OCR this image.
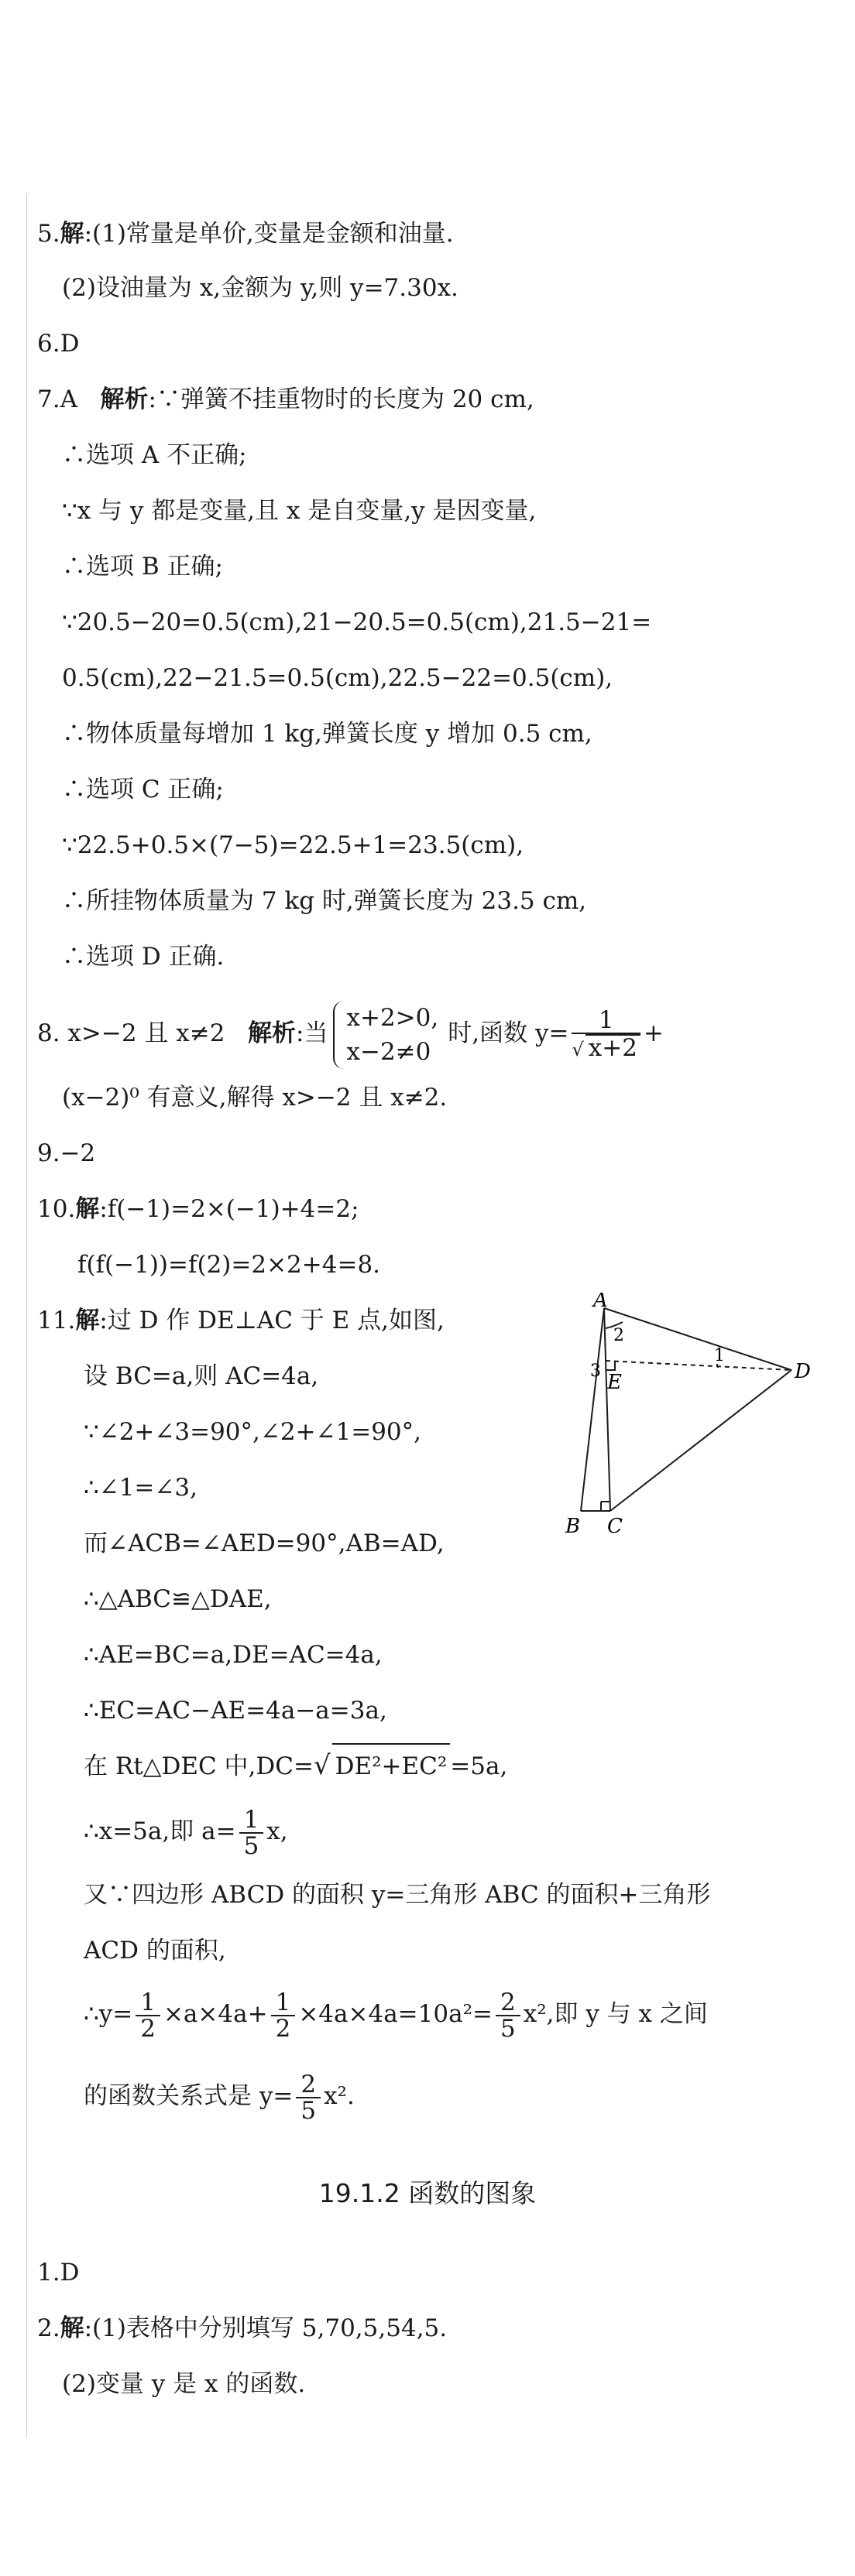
5.解:(1)常量是单价,变量是金额和油量.
(2)设油量为 x,金额为 y,则 y=7.30x.
6.D
7.A 解析:∵弹簧不挂重物时的长度为 20 cm,
∴选项 A 不正确;
∵x 与 y 都是变量,且 x 是自变量,y 是因变量,
∴选项 B 正确;
∵20.5−20=0.5(cm),21−20.5=0.5(cm),21.5−21=
0.5(cm),22−21.5=0.5(cm),22.5−22=0.5(cm),
∴物体质量每增加 1 kg,弹簧长度 y 增加 0.5 cm,
∴选项 C 正确;
∵22.5+0.5×(7−5)=22.5+1=23.5(cm),
∴所挂物体质量为 7 kg 时,弹簧长度为 23.5 cm,
∴选项 D 正确.
8. x>−2 且 x≠2 解析:当
x+2>0,
x−2≠0
时,函数 $y= \frac{1}{√ x+2}$ +
(x−2)⁰ 有意义,解得 x>−2 且 x≠2.
9.−2
10.解:f(−1)=2×(−1)+4=2;
f(f(−1))=f(2)=2×2+4=8.
11.解:过 D 作 DE⊥AC 于 E 点,如图,
设 BC=a,则 AC=4a,
∵∠2+∠3=90°,∠2+∠1=90°,
∴∠1=∠3,
而∠ACB=∠AED=90°,AB=AD,
∴△ABC≌△DAE,
∴AE=BC=a,DE=AC=4a,
∴EC=AC−AE=4a−a=3a,
在 Rt△DEC 中,DC=√ DE²+EC² =5a,
∴x=5a,即 $a= \frac{1}{5} x$,
又∵四边形 ABCD 的面积 y=三角形 ABC 的面积+三角形
ACD 的面积,
∴y= $\frac{1}{2} \times a\times 4a+ \frac{1}{2} \times 4a\times 4a=10a^2= \frac{2}{5} x^2$,即 y 与 x 之间
的函数关系式是 $y= \frac{2}{5} x^2$.
A
B C
D
E
1
2
3
19.1.2 函数的图象
1.D
2.解:(1)表格中分别填写 5,70,5,54,5.
(2)变量 y 是 x 的函数.
